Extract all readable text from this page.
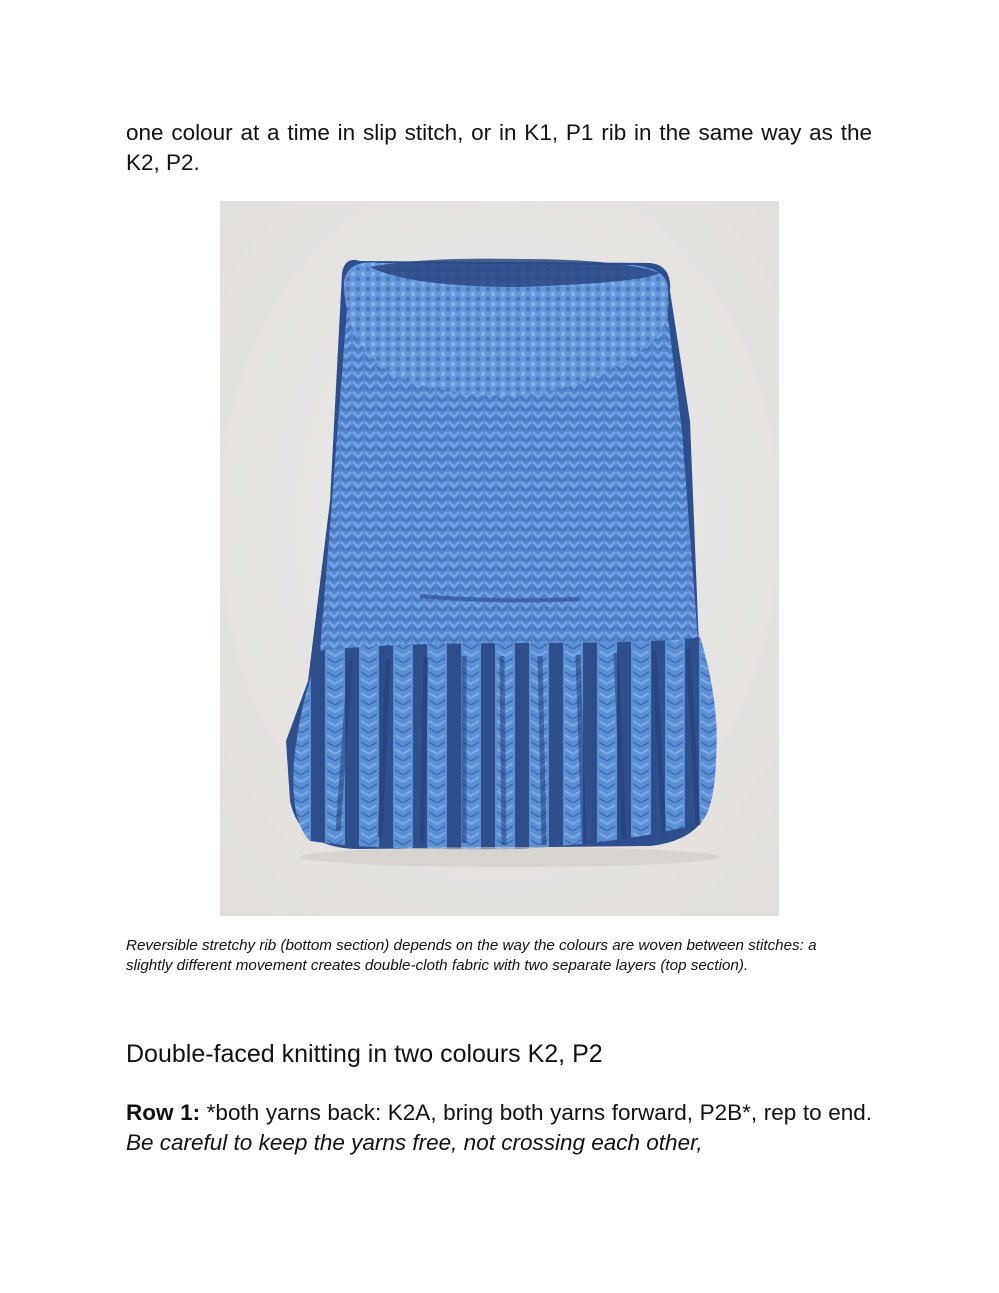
one colour at a time in slip stitch, or in K1, P1 rib in the same way as the K2, P2.

Reversible stretchy rib (bottom section) depends on the way the colours are woven between stitches: a slightly different movement creates double-cloth fabric with two separate layers (top section).

Double-faced knitting in two colours K2, P2

Row 1: *both yarns back: K2A, bring both yarns forward, P2B*, rep to end. Be careful to keep the yarns free, not crossing each other,
